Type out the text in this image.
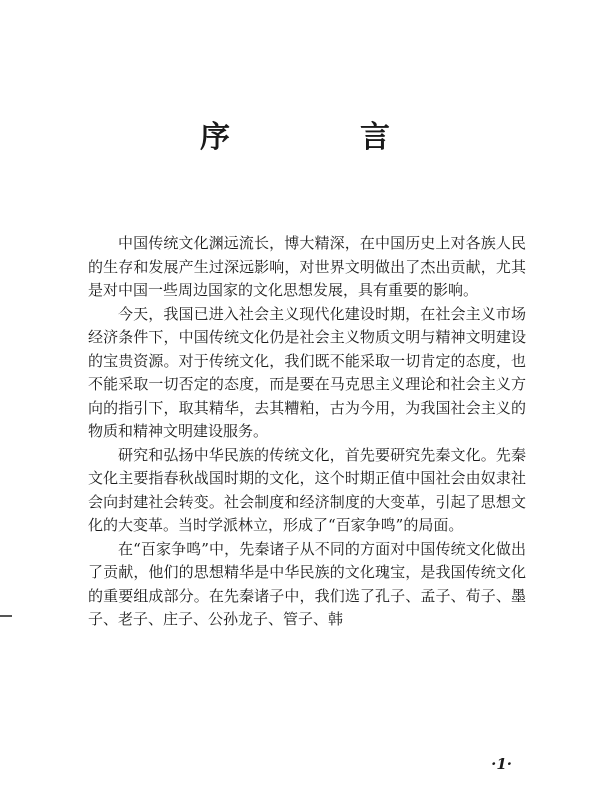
序　言

中国传统文化渊远流长，博大精深，在中国历史上对各族人民的生存和发展产生过深远影响，对世界文明做出了杰出贡献，尤其是对中国一些周边国家的文化思想发展，具有重要的影响。

今天，我国已进入社会主义现代化建设时期，在社会主义市场经济条件下，中国传统文化仍是社会主义物质文明与精神文明建设的宝贵资源。对于传统文化，我们既不能采取一切肯定的态度，也不能采取一切否定的态度，而是要在马克思主义理论和社会主义方向的指引下，取其精华，去其糟粕，古为今用，为我国社会主义的物质和精神文明建设服务。

研究和弘扬中华民族的传统文化，首先要研究先秦文化。先秦文化主要指春秋战国时期的文化，这个时期正值中国社会由奴隶社会向封建社会转变。社会制度和经济制度的大变革，引起了思想文化的大变革。当时学派林立，形成了“百家争鸣”的局面。

在“百家争鸣”中，先秦诸子从不同的方面对中国传统文化做出了贡献，他们的思想精华是中华民族的文化瑰宝，是我国传统文化的重要组成部分。在先秦诸子中，我们选了孔子、孟子、荀子、墨子、老子、庄子、公孙龙子、管子、韩

·1·
